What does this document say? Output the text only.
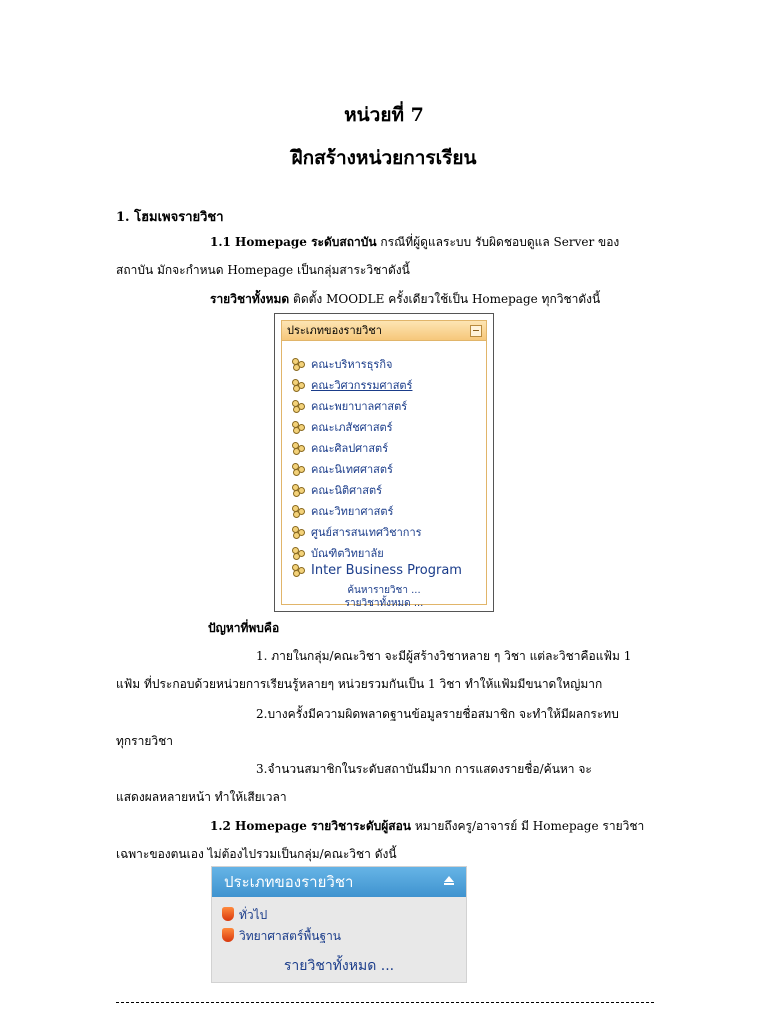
หน่วยที่ 7
ฝึกสร้างหน่วยการเรียน
1. โฮมเพจรายวิชา
1.1 Homepage ระดับสถาบัน กรณีที่ผู้ดูแลระบบ รับผิดชอบดูแล Server ของ
สถาบัน มักจะกำหนด Homepage เป็นกลุ่มสาระวิชาดังนี้
รายวิชาทั้งหมด ติดตั้ง MOODLE ครั้งเดียวใช้เป็น Homepage ทุกวิชาดังนี้
ประเภทของรายวิชา
คณะบริหารธุรกิจ
คณะวิศวกรรมศาสตร์
คณะพยาบาลศาสตร์
คณะเภสัชศาสตร์
คณะศิลปศาสตร์
คณะนิเทศศาสตร์
คณะนิติศาสตร์
คณะวิทยาศาสตร์
ศูนย์สารสนเทศวิชาการ
บัณฑิตวิทยาลัย
Inter Business Program
ค้นหารายวิชา ...
รายวิชาทั้งหมด ...
ปัญหาที่พบคือ
1. ภายในกลุ่ม/คณะวิชา จะมีผู้สร้างวิชาหลาย ๆ วิชา แต่ละวิชาคือแฟ้ม 1
แฟ้ม ที่ประกอบด้วยหน่วยการเรียนรู้หลายๆ หน่วยรวมกันเป็น 1 วิชา ทำให้แฟ้มมีขนาดใหญ่มาก
2.บางครั้งมีความผิดพลาดฐานข้อมูลรายชื่อสมาชิก จะทำให้มีผลกระทบ
ทุกรายวิชา
3.จำนวนสมาชิกในระดับสถาบันมีมาก การแสดงรายชื่อ/ค้นหา จะ
แสดงผลหลายหน้า ทำให้เสียเวลา
1.2 Homepage รายวิชาระดับผู้สอน หมายถึงครู/อาจารย์ มี Homepage รายวิชา
เฉพาะของตนเอง ไม่ต้องไปรวมเป็นกลุ่ม/คณะวิชา ดังนี้
ประเภทของรายวิชา
ทั่วไป
วิทยาศาสตร์พื้นฐาน
รายวิชาทั้งหมด ...
